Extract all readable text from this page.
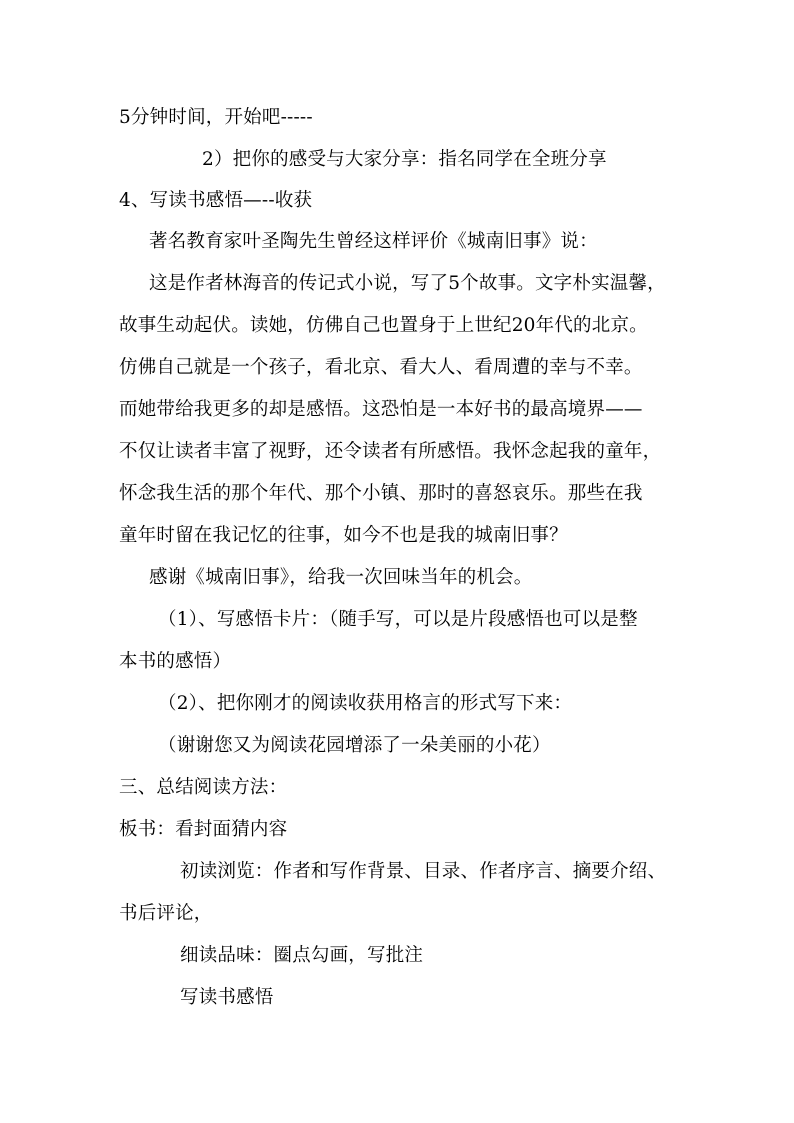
5分钟时间，开始吧-----
2）把你的感受与大家分享：指名同学在全班分享
4、写读书感悟—--收获
著名教育家叶圣陶先生曾经这样评价《城南旧事》说：
这是作者林海音的传记式小说，写了5个故事。文字朴实温馨，
故事生动起伏。读她，仿佛自己也置身于上世纪20年代的北京。
仿佛自己就是一个孩子，看北京、看大人、看周遭的幸与不幸。
而她带给我更多的却是感悟。这恐怕是一本好书的最高境界——
不仅让读者丰富了视野，还令读者有所感悟。我怀念起我的童年，
怀念我生活的那个年代、那个小镇、那时的喜怒哀乐。那些在我
童年时留在我记忆的往事，如今不也是我的城南旧事？
感谢《城南旧事》，给我一次回味当年的机会。
（1）、写感悟卡片：（随手写，可以是片段感悟也可以是整
本书的感悟）
（2）、把你刚才的阅读收获用格言的形式写下来：
（谢谢您又为阅读花园增添了一朵美丽的小花）
三、总结阅读方法：
板书：看封面猜内容
初读浏览：作者和写作背景、目录、作者序言、摘要介绍、
书后评论，
细读品味：圈点勾画，写批注
写读书感悟
